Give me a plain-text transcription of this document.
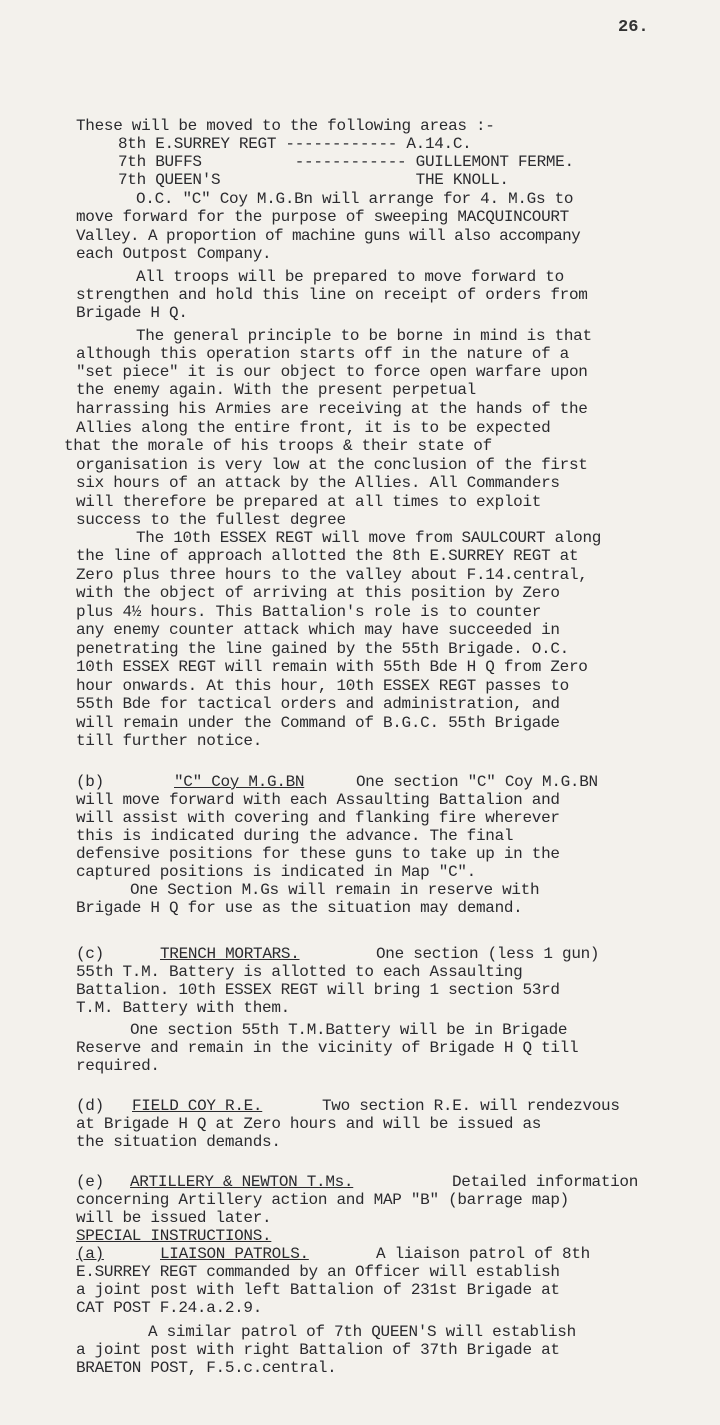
26.
These will be moved to the following areas :-
8th E.SURREY REGT ------------ A.14.C.
7th BUFFS          ------------ GUILLEMONT FERME.
7th QUEEN'S                     THE KNOLL.
O.C. "C" Coy M.G.Bn will arrange for 4. M.Gs to
move forward for the purpose of sweeping MACQUINCOURT
Valley. A proportion of machine guns will also accompany
each Outpost Company.
All troops will be prepared to move forward to
strengthen and hold this line on receipt of orders from
Brigade H Q.
The general principle to be borne in mind is that
although this operation starts off in the nature of a
"set piece" it is our object to force open warfare upon
the enemy again. With the present perpetual
harrassing his Armies are receiving at the hands of the
Allies along the entire front, it is to be expected
that the morale of his troops & their state of
organisation is very low at the conclusion of the first
six hours of an attack by the Allies. All Commanders
will therefore be prepared at all times to exploit
success to the fullest degree
The 10th ESSEX REGT will move from SAULCOURT along
the line of approach allotted the 8th E.SURREY REGT at
Zero plus three hours to the valley about F.14.central,
with the object of arriving at this position by Zero
plus 4½ hours. This Battalion's role is to counter
any enemy counter attack which may have succeeded in
penetrating the line gained by the 55th Brigade. O.C.
10th ESSEX REGT will remain with 55th Bde H Q from Zero
hour onwards. At this hour, 10th ESSEX REGT passes to
55th Bde for tactical orders and administration, and
will remain under the Command of B.G.C. 55th Brigade
till further notice.
(b)	"C" Coy M.G.BN	One section "C" Coy M.G.BN
will move forward with each Assaulting Battalion and
will assist with covering and flanking fire wherever
this is indicated during the advance. The final
defensive positions for these guns to take up in the
captured positions is indicated in Map "C".
One Section M.Gs will remain in reserve with
Brigade H Q for use as the situation may demand.
(c)	TRENCH MORTARS.	One section (less 1 gun)
55th T.M. Battery is allotted to each Assaulting
Battalion. 10th ESSEX REGT will bring 1 section 53rd
T.M. Battery with them.
One section 55th T.M.Battery will be in Brigade
Reserve and remain in the vicinity of Brigade H Q till
required.
(d) FIELD COY R.E.	Two section R.E. will rendezvous
at Brigade H Q at Zero hours and will be issued as
the situation demands.
(e) ARTILLERY & NEWTON T.Ms.	Detailed information
concerning Artillery action and MAP "B" (barrage map)
will be issued later.
SPECIAL INSTRUCTIONS.
(a)	LIAISON PATROLS.	A liaison patrol of 8th
E.SURREY REGT commanded by an Officer will establish
a joint post with left Battalion of 231st Brigade at
CAT POST F.24.a.2.9.
A similar patrol of 7th QUEEN'S will establish
a joint post with right Battalion of 37th Brigade at
BRAETON POST, F.5.c.central.
